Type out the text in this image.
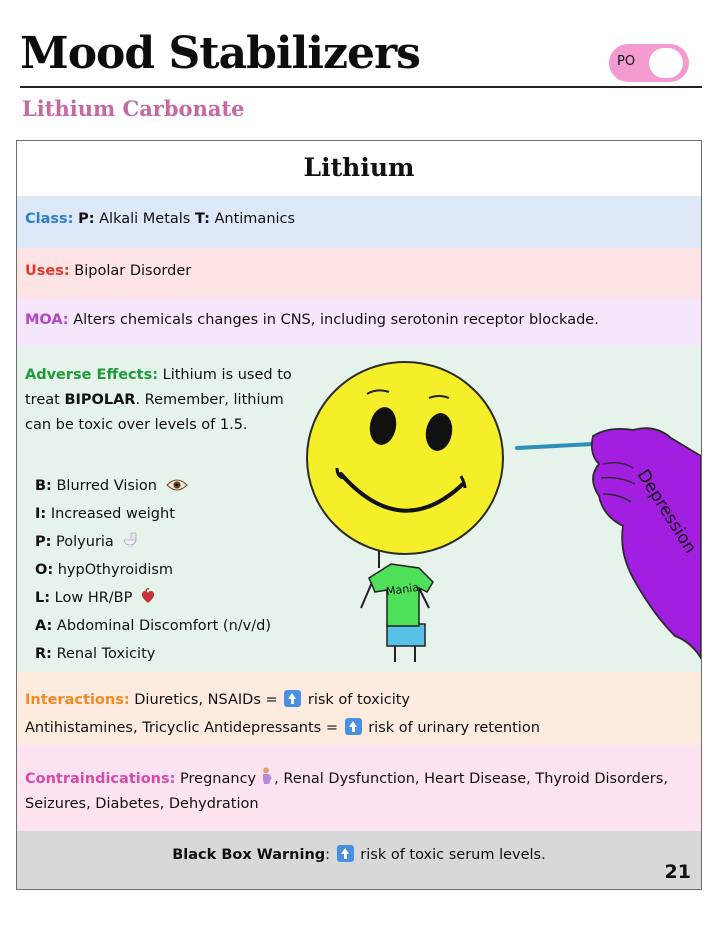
Mood Stabilizers	PO
Lithium Carbonate
Lithium
Class: P: Alkali Metals T: Antimanics
Uses: Bipolar Disorder
MOA: Alters chemicals changes in CNS, including serotonin receptor blockade.
Adverse Effects: Lithium is used to treat BIPOLAR. Remember, lithium can be toxic over levels of 1.5.
B: Blurred Vision
I: Increased weight
P: Polyuria
O: hypOthyroidism
L: Low HR/BP
A: Abdominal Discomfort (n/v/d)
R: Renal Toxicity
Mania
Depression
Interactions: Diuretics, NSAIDs = risk of toxicity
Antihistamines, Tricyclic Antidepressants = risk of urinary retention
Contraindications: Pregnancy , Renal Dysfunction, Heart Disease, Thyroid Disorders, Seizures, Diabetes, Dehydration
Black Box Warning: risk of toxic serum levels.
21
